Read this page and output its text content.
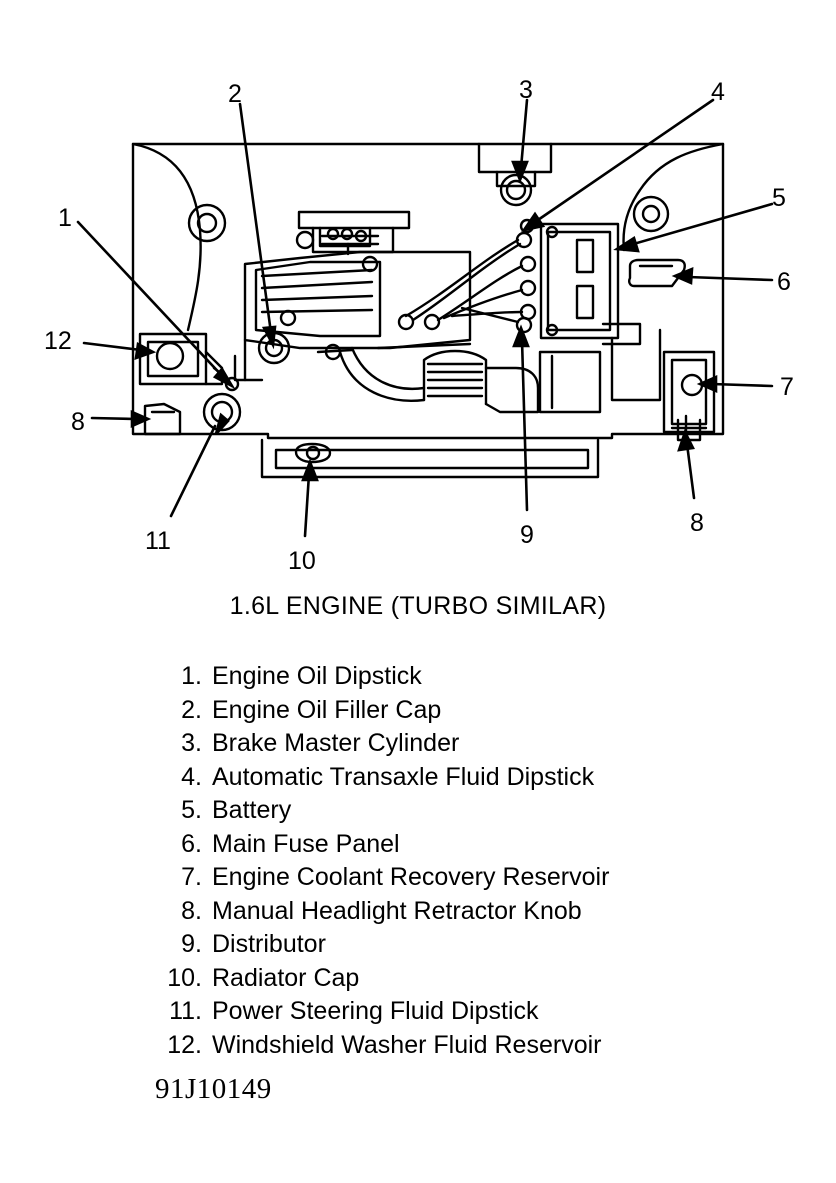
1
2	3	4
5
6
7
8
12
11
10
9	8
1.6L ENGINE (TURBO SIMILAR)
1. Engine Oil Dipstick
2. Engine Oil Filler Cap
3. Brake Master Cylinder
4. Automatic Transaxle Fluid Dipstick
5. Battery
6. Main Fuse Panel
7. Engine Coolant Recovery Reservoir
8. Manual Headlight Retractor Knob
9. Distributor
10. Radiator Cap
11. Power Steering Fluid Dipstick
12. Windshield Washer Fluid Reservoir
91J10149
